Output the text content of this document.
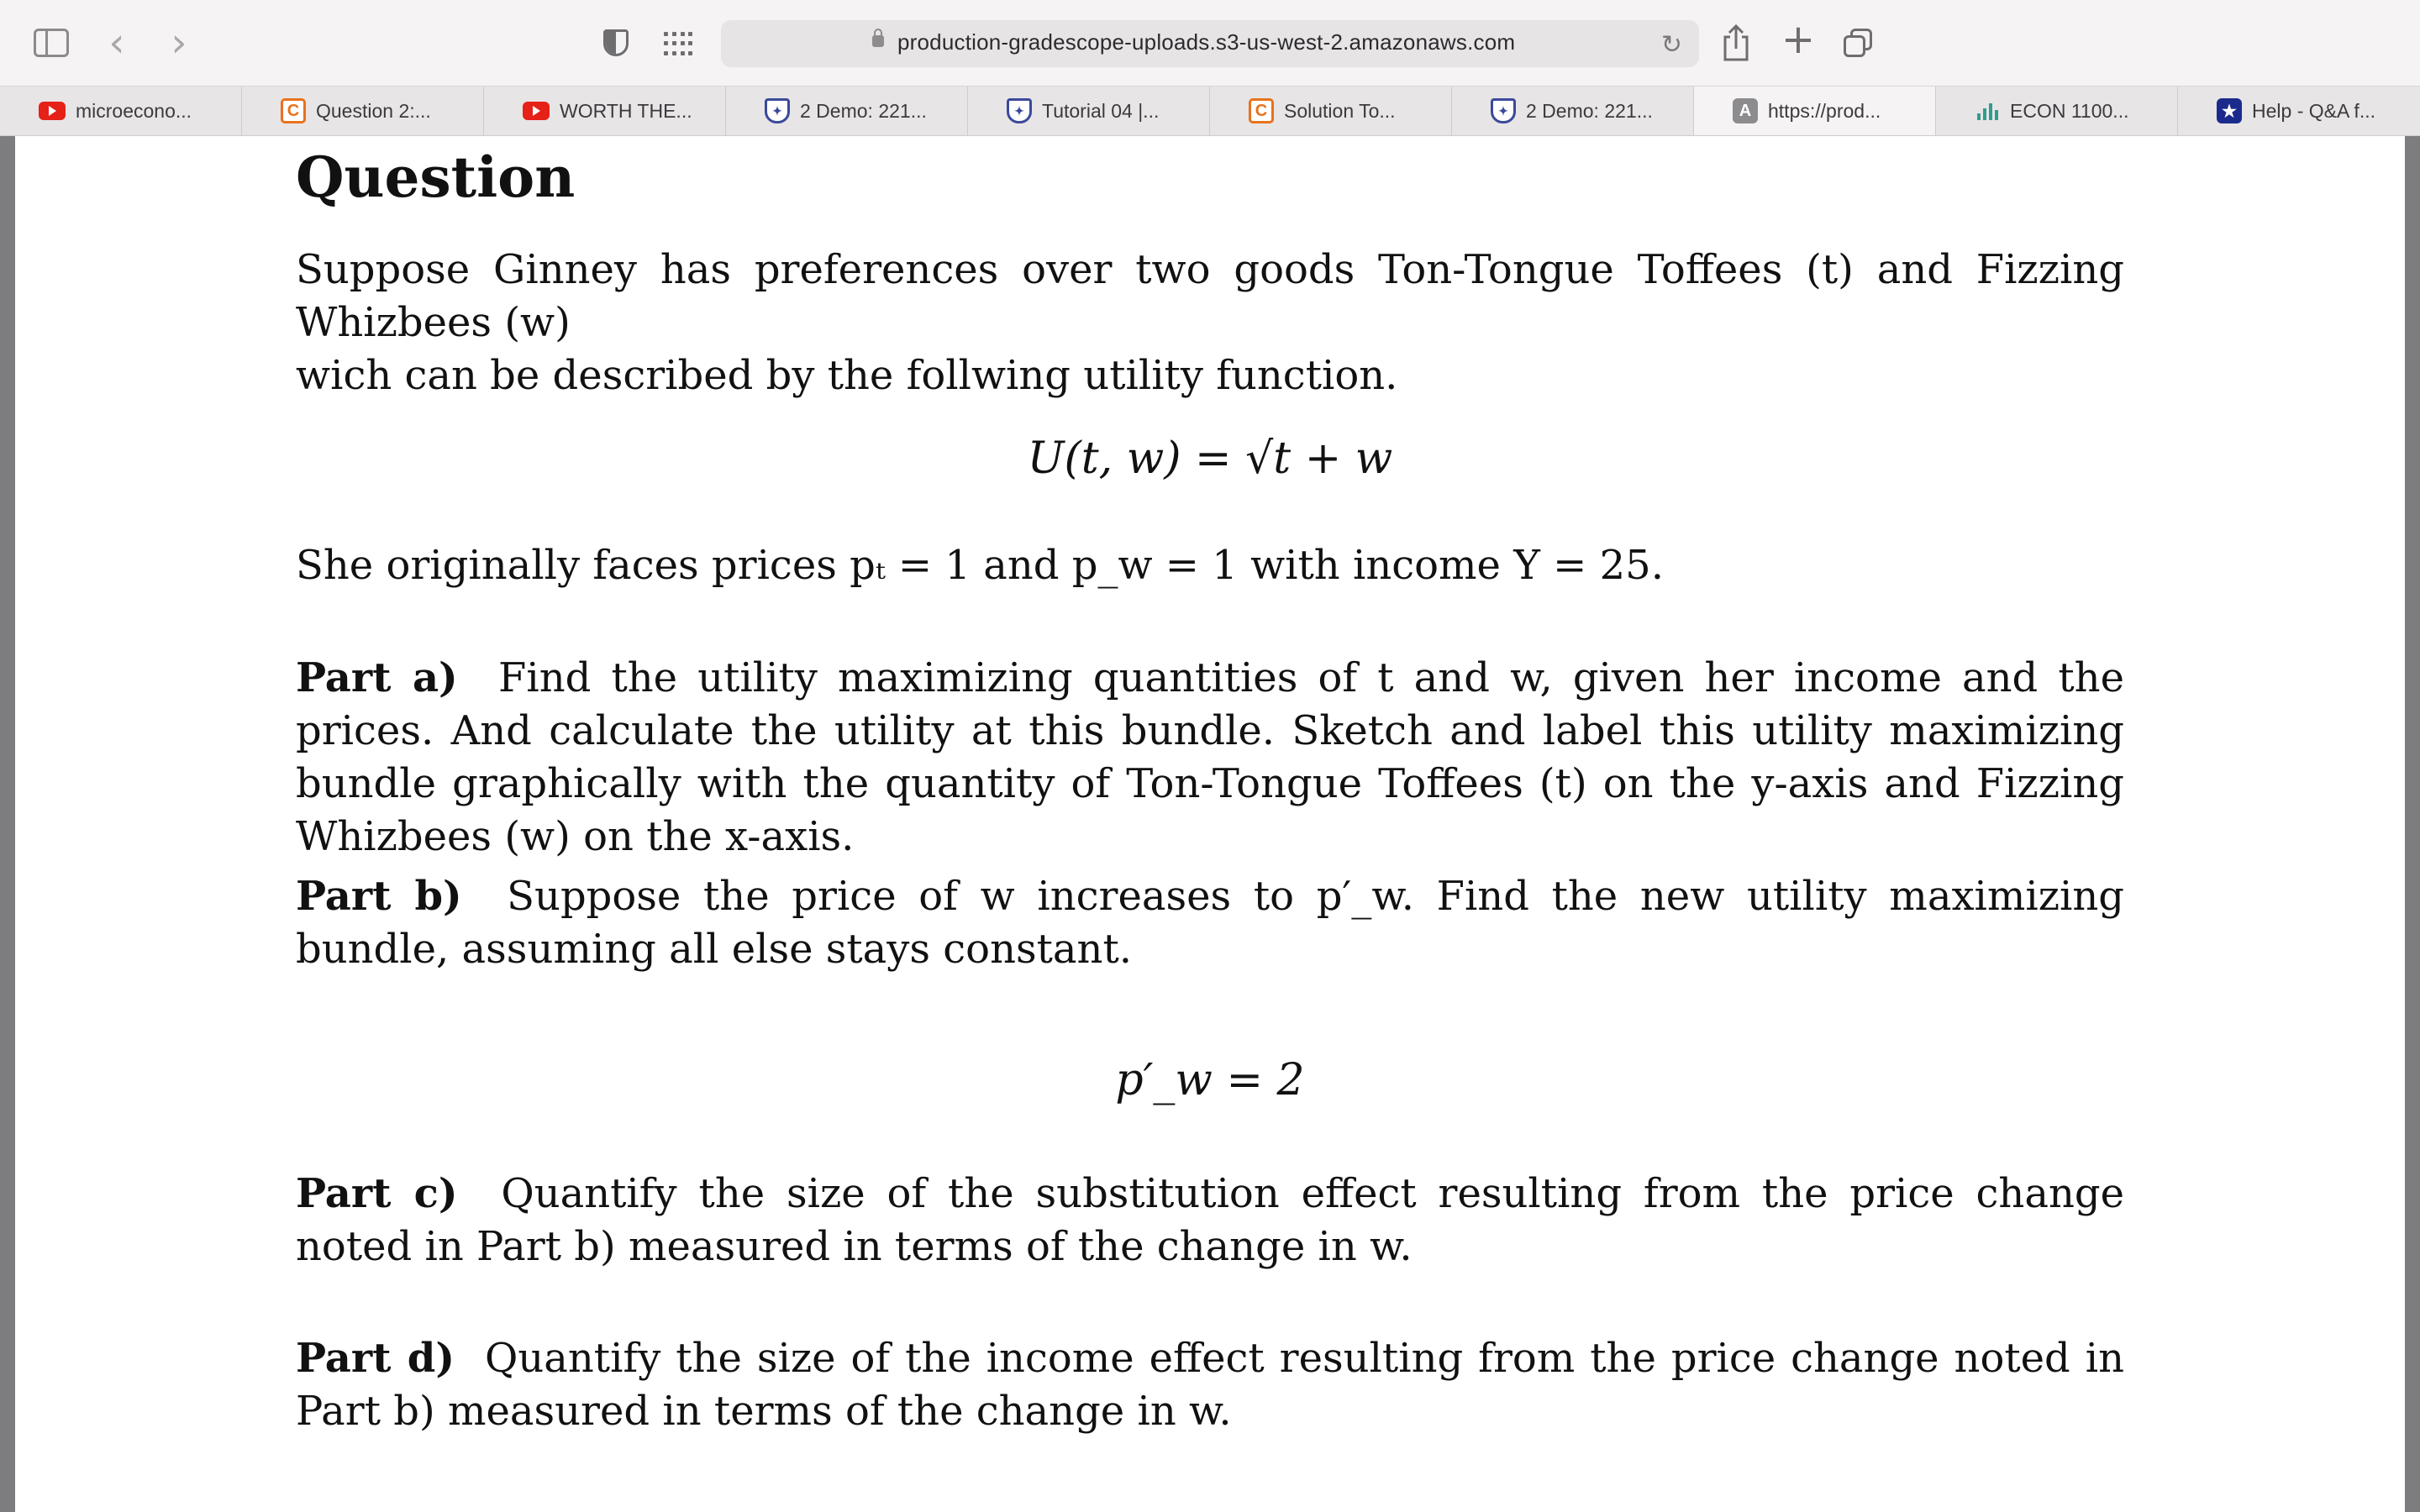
‹ ›	production-gradescope-uploads.s3-us-west-2.amazonaws.com	↻ +
microecono...	C Question 2:...	WORTH THE...	✦ 2 Demo: 221...	✦ Tutorial 04 |...	C Solution To...	✦ 2 Demo: 221...	A https://prod...	ECON 1100...	★ Help - Q&A f...
Question
Suppose Ginney has preferences over two goods Ton-Tongue Toffees (t) and Fizzing Whizbees (w)
wich can be described by the follwing utility function.
U(t, w) = √t + w
She originally faces prices pₜ = 1 and p_w = 1 with income Y = 25.
Part a) Find the utility maximizing quantities of t and w, given her income and the prices. And calculate the utility at this bundle. Sketch and label this utility maximizing bundle graphically with the quantity of Ton-Tongue Toffees (t) on the y-axis and Fizzing Whizbees (w) on the x-axis.
Part b) Suppose the price of w increases to p′_w. Find the new utility maximizing bundle, assuming all else stays constant.
p′_w = 2
Part c) Quantify the size of the substitution effect resulting from the price change noted in Part b) measured in terms of the change in w.
Part d) Quantify the size of the income effect resulting from the price change noted in Part b) measured in terms of the change in w.
